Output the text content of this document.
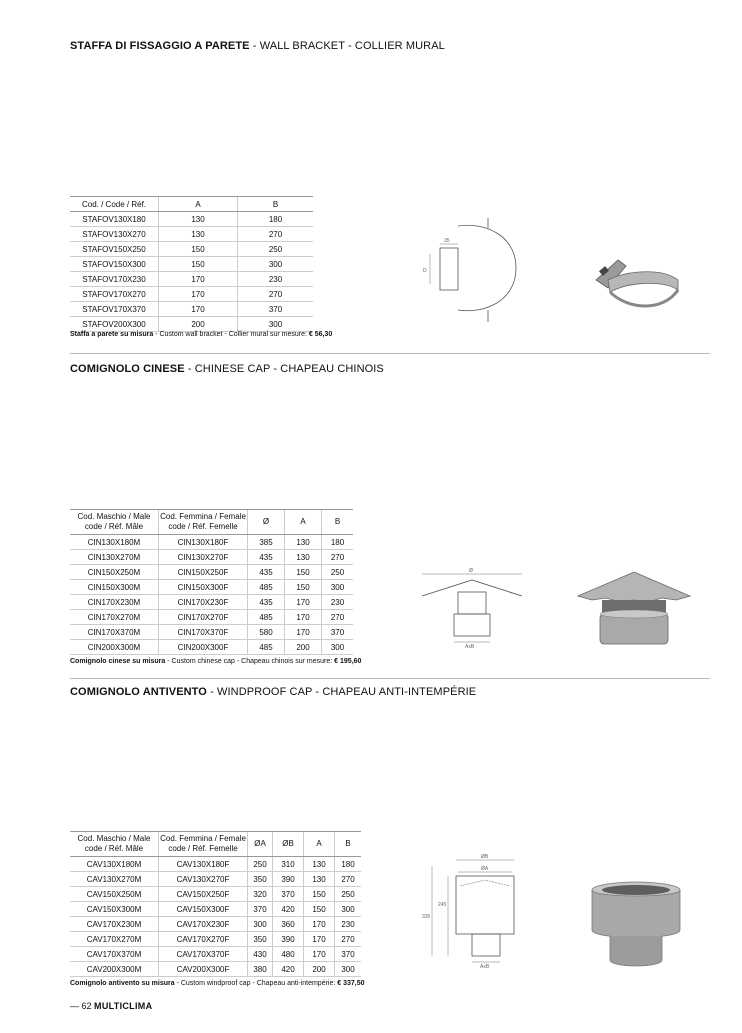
STAFFA DI FISSAGGIO A PARETE - WALL BRACKET - COLLIER MURAL
Cod. / Code / Réf.	A	B
STAFOV130X180	130	180
STAFOV130X270	130	270
STAFOV150X250	150	250
STAFOV150X300	150	300
STAFOV170X230	170	230
STAFOV170X270	170	270
STAFOV170X370	170	370
STAFOV200X300	200	300
Staffa a parete su misura - Custom wall bracket - Collier mural sur mesure: € 56,30
35
D
COMIGNOLO CINESE - CHINESE CAP - CHAPEAU CHINOIS
Cod. Maschio / Male code / Réf. Mâle	Cod. Femmina / Female code / Réf. Femelle	Ø	A	B
CIN130X180M	CIN130X180F	385	130	180
CIN130X270M	CIN130X270F	435	130	270
CIN150X250M	CIN150X250F	435	150	250
CIN150X300M	CIN150X300F	485	150	300
CIN170X230M	CIN170X230F	435	170	230
CIN170X270M	CIN170X270F	485	170	270
CIN170X370M	CIN170X370F	580	170	370
CIN200X300M	CIN200X300F	485	200	300
Comignolo cinese su misura - Custom chinese cap - Chapeau chinois sur mesure: € 195,60
Ø
AxB
COMIGNOLO ANTIVENTO - WINDPROOF CAP - CHAPEAU ANTI-INTEMPÉRIE
Cod. Maschio / Male code / Réf. Mâle	Cod. Femmina / Female code / Réf. Femelle	ØA	ØB	A	B
CAV130X180M	CAV130X180F	250	310	130	180
CAV130X270M	CAV130X270F	350	390	130	270
CAV150X250M	CAV150X250F	320	370	150	250
CAV150X300M	CAV150X300F	370	420	150	300
CAV170X230M	CAV170X230F	300	360	170	230
CAV170X270M	CAV170X270F	350	390	170	270
CAV170X370M	CAV170X370F	430	480	170	370
CAV200X300M	CAV200X300F	380	420	200	300
Comignolo antivento su misura - Custom windproof cap - Chapeau anti-intempérie: € 337,50
ØB
ØA
245
335
AxB
— 62 MULTICLIMA
